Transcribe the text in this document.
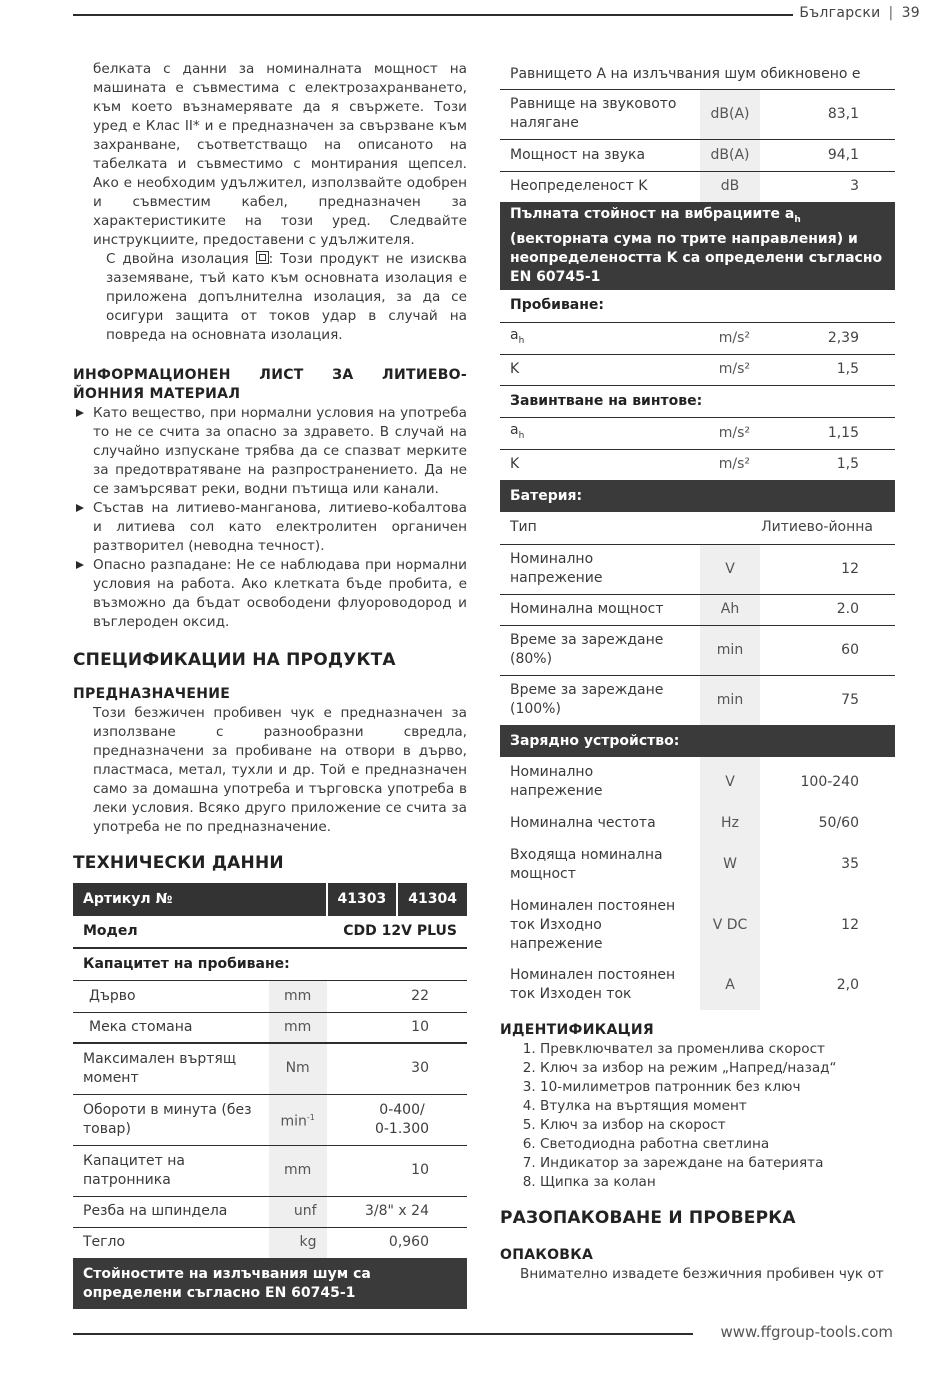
Български | 39

белката с данни за номиналната мощност на машината е съвместима с електрозахранването, към което възнамерявате да я свържете. Този уред е Клас II* и е предназначен за свързване към захранване, съответстващо на описаното на табелката и съвместимо с монтирания щепсел. Ако е необходим удължител, използвайте одобрен и съвместим кабел, предназначен за характеристиките на този уред. Следвайте инструкциите, предоставени с удължителя.

С двойна изолация : Този продукт не изисква заземяване, тъй като към основната изолация е приложена допълнителна изолация, за да се осигури защита от токов удар в случай на повреда на основната изолация.

ИНФОРМАЦИОНЕН ЛИСТ ЗА ЛИТИЕВО-ЙОННИЯ МАТЕРИАЛ

Като вещество, при нормални условия на употреба то не се счита за опасно за здравето. В случай на случайно изпускане трябва да се спазват мерките за предотвратяване на разпространението. Да не се замърсяват реки, водни пътища или канали.

Състав на литиево-манганова, литиево-кобалтова и литиева сол като електролитен органичен разтворител (неводна течност).

Опасно разпадане: Не се наблюдава при нормални условия на работа. Ако клетката бъде пробита, е възможно да бъдат освободени флуороводород и въглероден оксид.

СПЕЦИФИКАЦИИ НА ПРОДУКТА

ПРЕДНАЗНАЧЕНИЕ

Този безжичен пробивен чук е предназначен за използване с разнообразни свредла, предназначени за пробиване на отвори в дърво, пластмаса, метал, тухли и др. Той е предназначен само за домашна употреба и търговска употреба в леки условия. Всяко друго приложение се счита за употреба не по предназначение.

ТЕХНИЧЕСКИ ДАННИ

Артикул №		41303	41304
Модел		CDD 12V PLUS	
Капацитет на пробиване:			
Дърво	mm	22	
Мека стомана	mm	10	
Максимален въртящ момент	Nm	30	
Обороти в минута (без товар)	$\min^{-1}$	0-400/ 0-1.300	
Капацитет на патронника	mm	10	
Резба на шпиндела	unf	3/8" x 24	
Тегло	kg	0,960	
Стойностите на излъчвания шум са определени съгласно EN 60745-1			
Равнището A на излъчвания шум обикновено е		
Равнище на звуковото налягане	dB(A)	83,1
Мощност на звука	dB(A)	94,1
Неопределеност K	dB	3
Пълната стойност на вибрациите $a_h$ (векторната сума по трите направления) и неопределеността K са определени съгласно EN 60745-1		
Пробиване:		
$a_h$	m/s²	2,39
K	m/s²	1,5
Завинтване на винтове:		
$a_h$	m/s²	1,15
K	m/s²	1,5
Батерия:		
Тип	Литиево-йонна	
Номинално напрежение	V	12
Номинална мощност	Ah	2.0
Време за зареждане (80%)	min	60
Време за зареждане (100%)	min	75
Зарядно устройство:		
Номинално напрежение	V	100-240
Номинална честота	Hz	50/60
Входяща номинална мощност	W	35
Номинален постоянен ток Изходно напрежение	V DC	12
Номинален постоянен ток Изходен ток	A	2,0

ИДЕНТИФИКАЦИЯ

1. Превключвател за променлива скорост
2. Ключ за избор на режим „Напред/назад“
3. 10-милиметров патронник без ключ
4. Втулка на въртящия момент
5. Ключ за избор на скорост
6. Светодиодна работна светлина
7. Индикатор за зареждане на батерията
8. Щипка за колан

РАЗОПАКОВАНЕ И ПРОВЕРКА

ОПАКОВКА

Внимателно извадете безжичния пробивен чук от

www.ffgroup-tools.com
